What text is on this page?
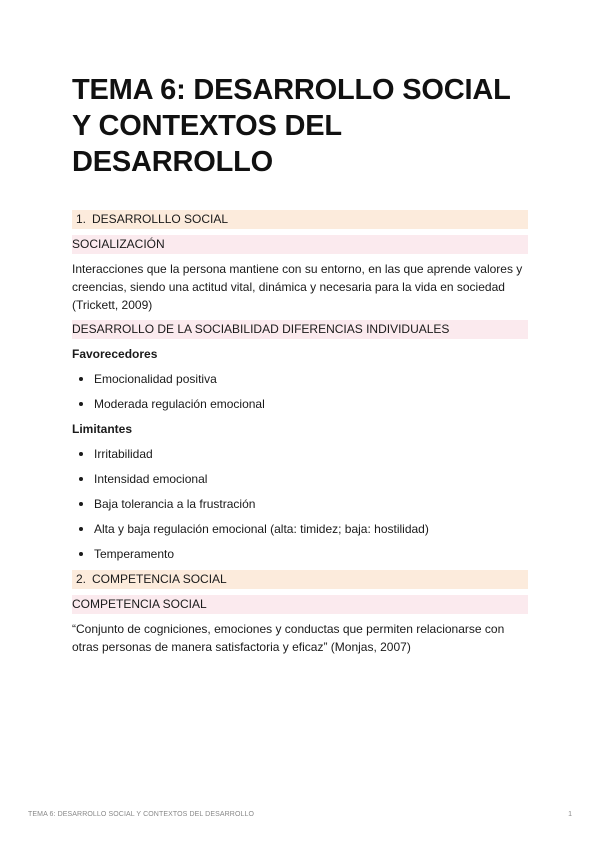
TEMA 6: DESARROLLO SOCIAL Y CONTEXTOS DEL DESARROLLO
1. DESARROLLLO SOCIAL
SOCIALIZACIÓN

Interacciones que la persona mantiene con su entorno, en las que aprende valores y creencias, siendo una actitud vital, dinámica y necesaria para la vida en sociedad (Trickett, 2009)

DESARROLLO DE LA SOCIABILIDAD DIFERENCIAS INDIVIDUALES
Favorecedores
Emocionalidad positiva
Moderada regulación emocional
Limitantes
Irritabilidad
Intensidad emocional
Baja tolerancia a la frustración
Alta y baja regulación emocional (alta: timidez; baja: hostilidad)
Temperamento
2. COMPETENCIA SOCIAL
COMPETENCIA SOCIAL

“Conjunto de cogniciones, emociones y conductas que permiten relacionarse con otras personas de manera satisfactoria y eficaz” (Monjas, 2007)

TEMA 6: DESARROLLO SOCIAL Y CONTEXTOS DEL DESARROLLO	1
